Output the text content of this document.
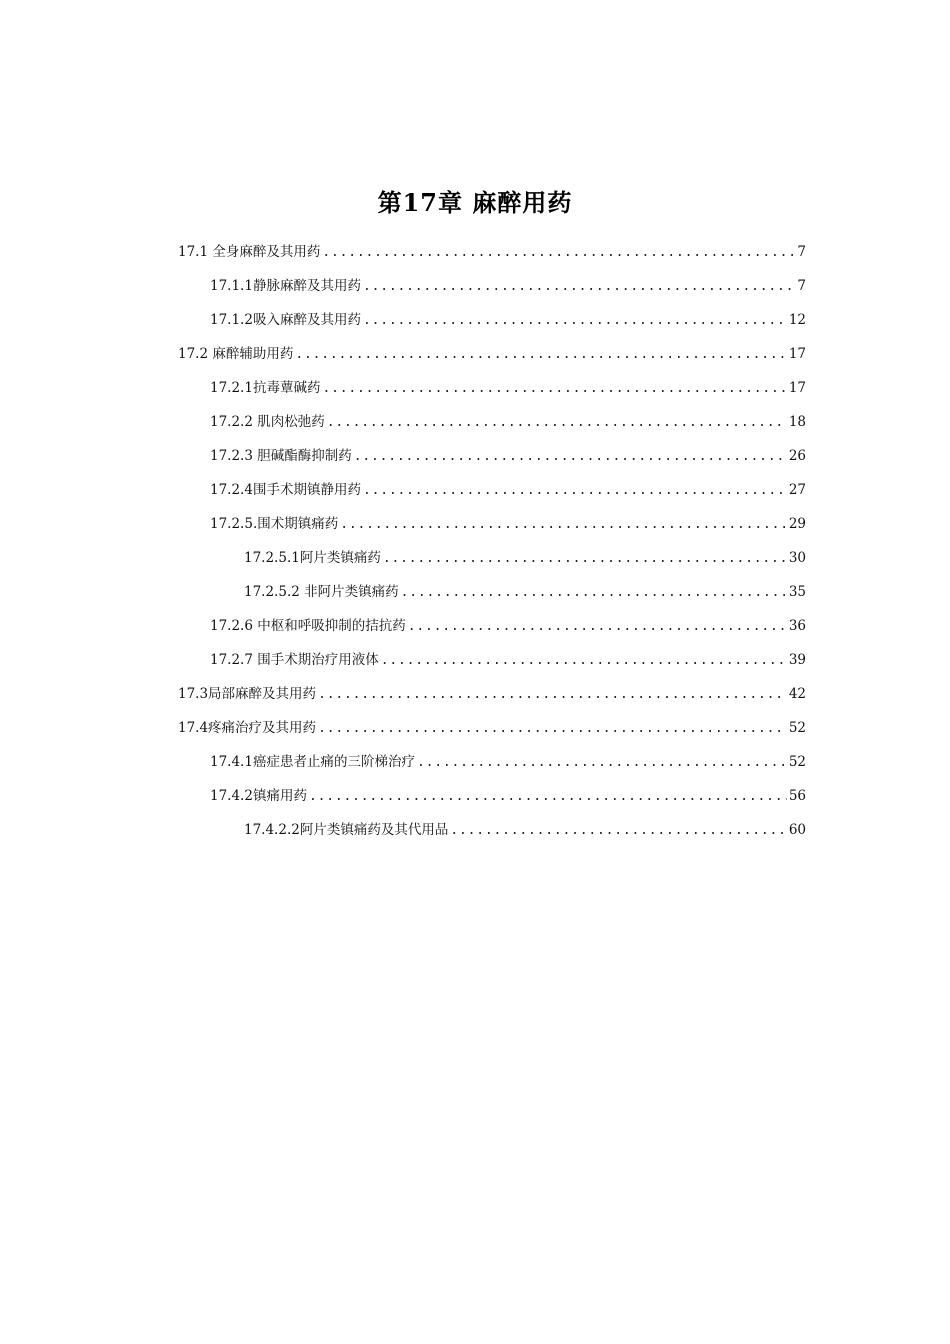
第17章 麻醉用药
17.1 全身麻醉及其用药 .....	7
17.1.1静脉麻醉及其用药 .....	7
17.1.2吸入麻醉及其用药 .....	12
17.2 麻醉辅助用药 .....	17
17.2.1抗毒蕈碱药 .....	17
17.2.2 肌肉松弛药 .....	18
17.2.3 胆碱酯酶抑制药 .....	26
17.2.4围手术期镇静用药 .....	27
17.2.5.围术期镇痛药 .....	29
17.2.5.1阿片类镇痛药 .....	30
17.2.5.2 非阿片类镇痛药 .....	35
17.2.6 中枢和呼吸抑制的拮抗药 .....	36
17.2.7 围手术期治疗用液体 .....	39
17.3局部麻醉及其用药 .....	42
17.4疼痛治疗及其用药 .....	52
17.4.1癌症患者止痛的三阶梯治疗 .....	52
17.4.2镇痛用药 .....	56
17.4.2.2阿片类镇痛药及其代用品 .....	60
